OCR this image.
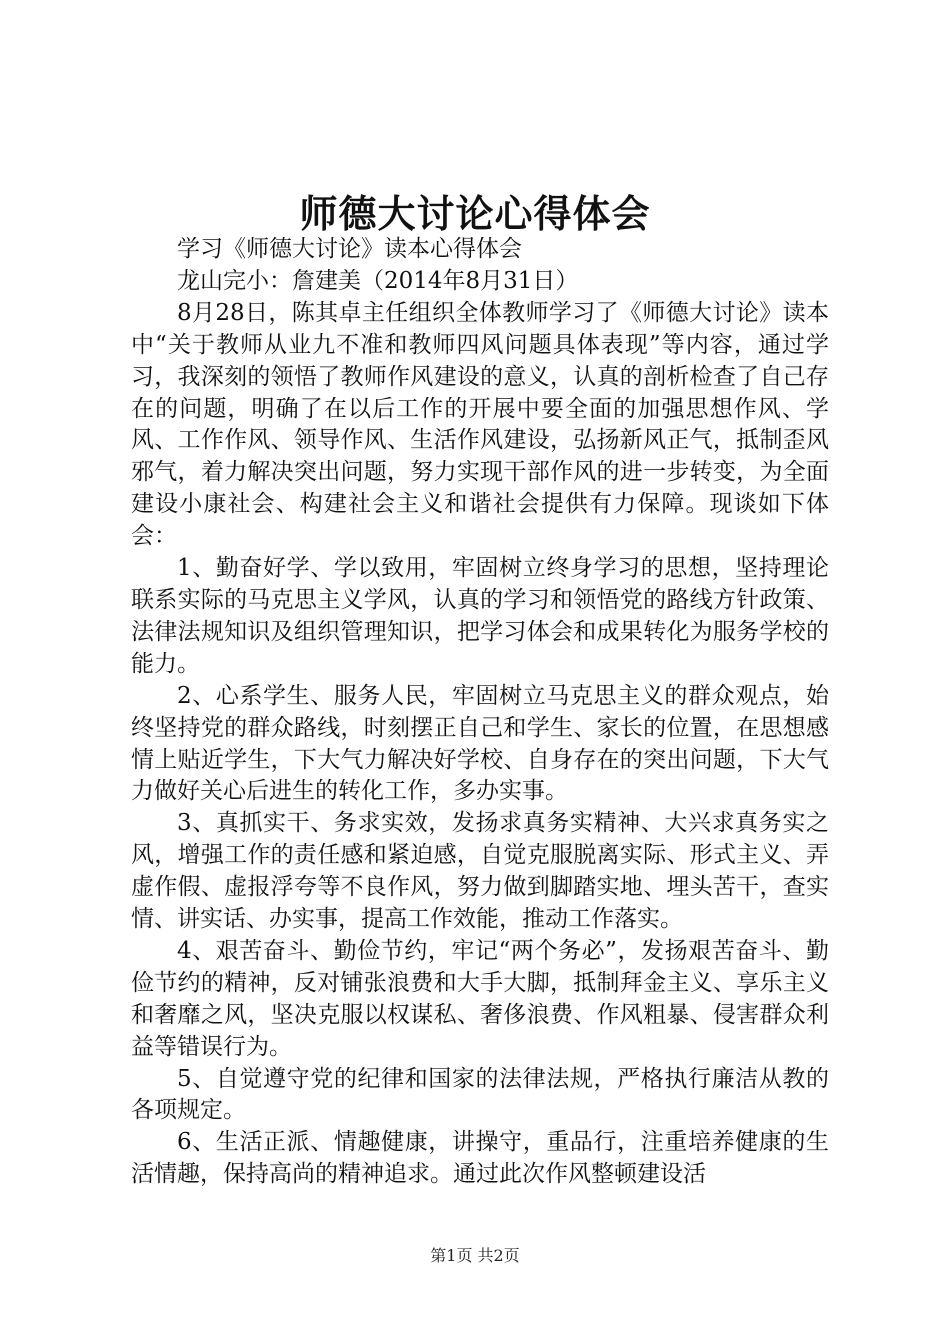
师德大讨论心得体会

学习《师德大讨论》读本心得体会

龙山完小：詹建美（2014年8月31日）

8月28日，陈其卓主任组织全体教师学习了《师德大讨论》读本中“关于教师从业九不准和教师四风问题具体表现”等内容，通过学习，我深刻的领悟了教师作风建设的意义，认真的剖析检查了自己存在的问题，明确了在以后工作的开展中要全面的加强思想作风、学风、工作作风、领导作风、生活作风建设，弘扬新风正气，抵制歪风邪气，着力解决突出问题，努力实现干部作风的进一步转变，为全面建设小康社会、构建社会主义和谐社会提供有力保障。现谈如下体会：

1、勤奋好学、学以致用，牢固树立终身学习的思想，坚持理论联系实际的马克思主义学风，认真的学习和领悟党的路线方针政策、法律法规知识及组织管理知识，把学习体会和成果转化为服务学校的能力。

2、心系学生、服务人民，牢固树立马克思主义的群众观点，始终坚持党的群众路线，时刻摆正自己和学生、家长的位置，在思想感情上贴近学生，下大气力解决好学校、自身存在的突出问题，下大气力做好关心后进生的转化工作，多办实事。

3、真抓实干、务求实效，发扬求真务实精神、大兴求真务实之风，增强工作的责任感和紧迫感，自觉克服脱离实际、形式主义、弄虚作假、虚报浮夸等不良作风，努力做到脚踏实地、埋头苦干，查实情、讲实话、办实事，提高工作效能，推动工作落实。

4、艰苦奋斗、勤俭节约，牢记“两个务必”，发扬艰苦奋斗、勤俭节约的精神，反对铺张浪费和大手大脚，抵制拜金主义、享乐主义和奢靡之风，坚决克服以权谋私、奢侈浪费、作风粗暴、侵害群众利益等错误行为。

5、自觉遵守党的纪律和国家的法律法规，严格执行廉洁从教的各项规定。

6、生活正派、情趣健康，讲操守，重品行，注重培养健康的生活情趣，保持高尚的精神追求。通过此次作风整顿建设活

第1页 共2页
